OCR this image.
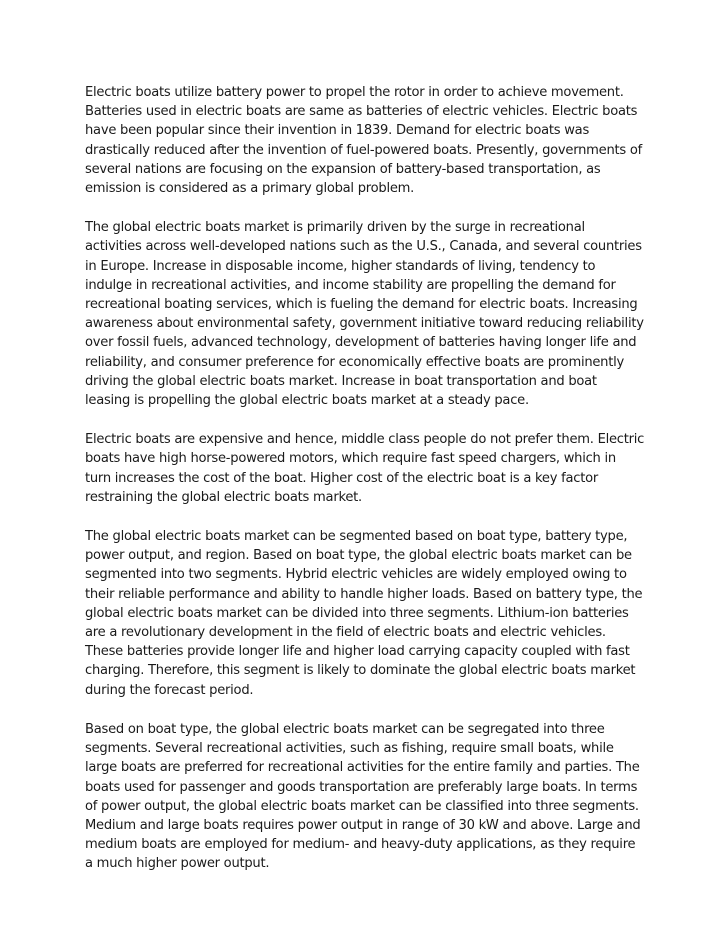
Electric boats utilize battery power to propel the rotor in order to achieve movement. Batteries used in electric boats are same as batteries of electric vehicles. Electric boats have been popular since their invention in 1839. Demand for electric boats was drastically reduced after the invention of fuel-powered boats. Presently, governments of several nations are focusing on the expansion of battery-based transportation, as emission is considered as a primary global problem.

The global electric boats market is primarily driven by the surge in recreational activities across well-developed nations such as the U.S., Canada, and several countries in Europe. Increase in disposable income, higher standards of living, tendency to indulge in recreational activities, and income stability are propelling the demand for recreational boating services, which is fueling the demand for electric boats. Increasing awareness about environmental safety, government initiative toward reducing reliability over fossil fuels, advanced technology, development of batteries having longer life and reliability, and consumer preference for economically effective boats are prominently driving the global electric boats market. Increase in boat transportation and boat leasing is propelling the global electric boats market at a steady pace.

Electric boats are expensive and hence, middle class people do not prefer them. Electric boats have high horse-powered motors, which require fast speed chargers, which in turn increases the cost of the boat. Higher cost of the electric boat is a key factor restraining the global electric boats market.

The global electric boats market can be segmented based on boat type, battery type, power output, and region. Based on boat type, the global electric boats market can be segmented into two segments. Hybrid electric vehicles are widely employed owing to their reliable performance and ability to handle higher loads. Based on battery type, the global electric boats market can be divided into three segments. Lithium-ion batteries are a revolutionary development in the field of electric boats and electric vehicles. These batteries provide longer life and higher load carrying capacity coupled with fast charging. Therefore, this segment is likely to dominate the global electric boats market during the forecast period.

Based on boat type, the global electric boats market can be segregated into three segments. Several recreational activities, such as fishing, require small boats, while large boats are preferred for recreational activities for the entire family and parties. The boats used for passenger and goods transportation are preferably large boats. In terms of power output, the global electric boats market can be classified into three segments. Medium and large boats requires power output in range of 30 kW and above. Large and medium boats are employed for medium- and heavy-duty applications, as they require a much higher power output.
